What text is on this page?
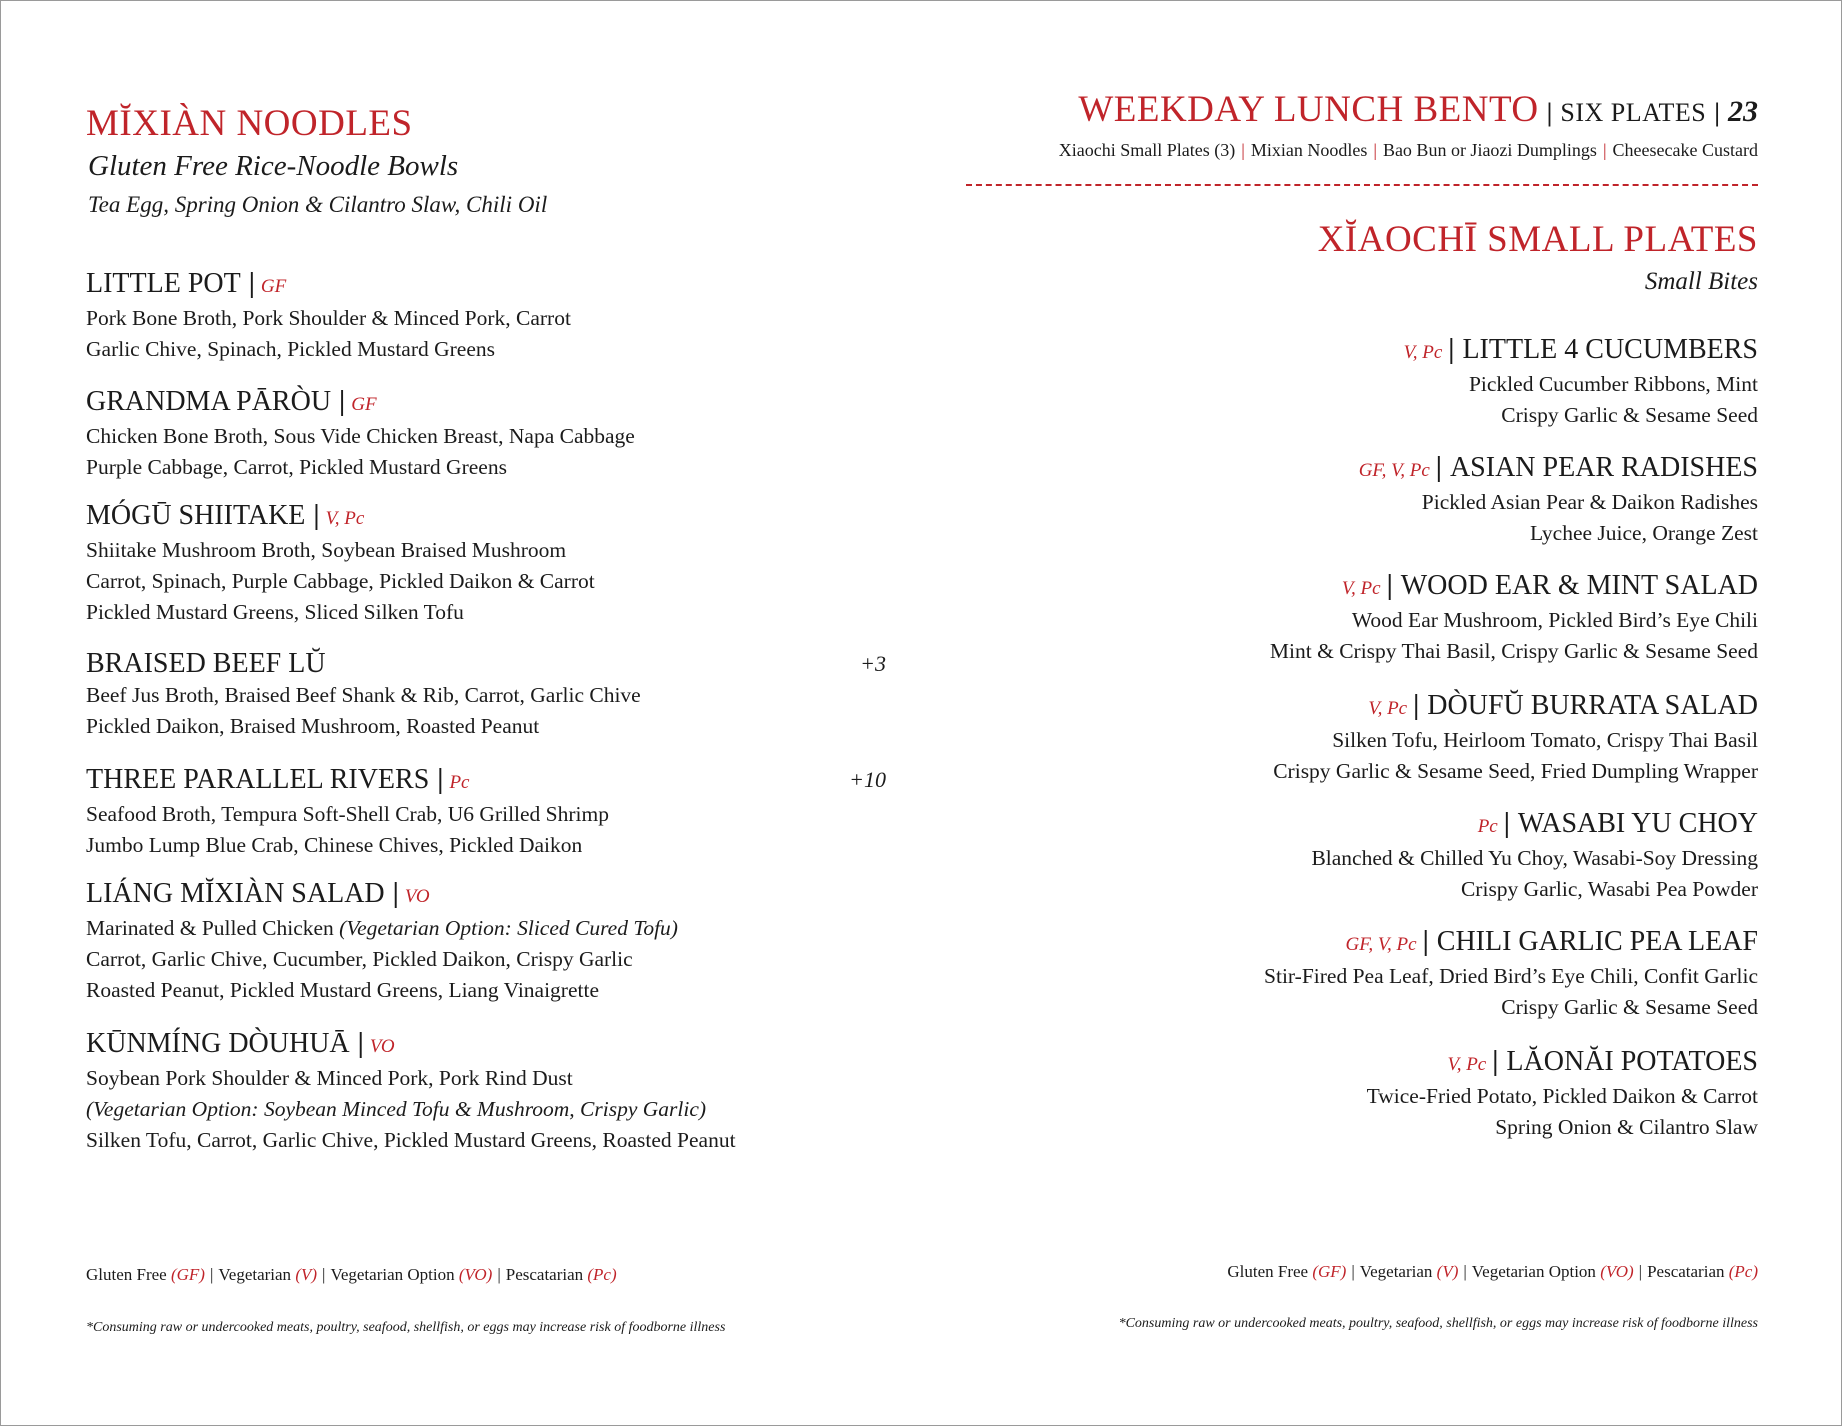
MĬXIÀN NOODLES
Gluten Free Rice-Noodle Bowls
Tea Egg, Spring Onion & Cilantro Slaw, Chili Oil
LITTLE POT | GF
Pork Bone Broth, Pork Shoulder & Minced Pork, Carrot
Garlic Chive, Spinach, Pickled Mustard Greens
GRANDMA PĀRÒU | GF
Chicken Bone Broth, Sous Vide Chicken Breast, Napa Cabbage
Purple Cabbage, Carrot, Pickled Mustard Greens
MÓGŪ SHIITAKE | V, Pc
Shiitake Mushroom Broth, Soybean Braised Mushroom
Carrot, Spinach, Purple Cabbage, Pickled Daikon & Carrot
Pickled Mustard Greens, Sliced Silken Tofu
BRAISED BEEF LŬ	+3
Beef Jus Broth, Braised Beef Shank & Rib, Carrot, Garlic Chive
Pickled Daikon, Braised Mushroom, Roasted Peanut
THREE PARALLEL RIVERS | Pc	+10
Seafood Broth, Tempura Soft-Shell Crab, U6 Grilled Shrimp
Jumbo Lump Blue Crab, Chinese Chives, Pickled Daikon
LIÁNG MĬXIÀN SALAD | VO
Marinated & Pulled Chicken (Vegetarian Option: Sliced Cured Tofu)
Carrot, Garlic Chive, Cucumber, Pickled Daikon, Crispy Garlic
Roasted Peanut, Pickled Mustard Greens, Liang Vinaigrette
KŪNMÍNG DÒUHUĀ | VO
Soybean Pork Shoulder & Minced Pork, Pork Rind Dust
(Vegetarian Option: Soybean Minced Tofu & Mushroom, Crispy Garlic)
Silken Tofu, Carrot, Garlic Chive, Pickled Mustard Greens, Roasted Peanut
Gluten Free (GF) | Vegetarian (V) | Vegetarian Option (VO) | Pescatarian (Pc)
*Consuming raw or undercooked meats, poultry, seafood, shellfish, or eggs may increase risk of foodborne illness
WEEKDAY LUNCH BENTO | SIX PLATES | 23
Xiaochi Small Plates (3) | Mixian Noodles | Bao Bun or Jiaozi Dumplings | Cheesecake Custard
XĬAOCHĪ SMALL PLATES
Small Bites
V, Pc | LITTLE 4 CUCUMBERS
Pickled Cucumber Ribbons, Mint
Crispy Garlic & Sesame Seed
GF, V, Pc | ASIAN PEAR RADISHES
Pickled Asian Pear & Daikon Radishes
Lychee Juice, Orange Zest
V, Pc | WOOD EAR & MINT SALAD
Wood Ear Mushroom, Pickled Bird’s Eye Chili
Mint & Crispy Thai Basil, Crispy Garlic & Sesame Seed
V, Pc | DÒUFŬ BURRATA SALAD
Silken Tofu, Heirloom Tomato, Crispy Thai Basil
Crispy Garlic & Sesame Seed, Fried Dumpling Wrapper
Pc | WASABI YU CHOY
Blanched & Chilled Yu Choy, Wasabi-Soy Dressing
Crispy Garlic, Wasabi Pea Powder
GF, V, Pc | CHILI GARLIC PEA LEAF
Stir-Fired Pea Leaf, Dried Bird’s Eye Chili, Confit Garlic
Crispy Garlic & Sesame Seed
V, Pc | LĂONĂI POTATOES
Twice-Fried Potato, Pickled Daikon & Carrot
Spring Onion & Cilantro Slaw
Gluten Free (GF) | Vegetarian (V) | Vegetarian Option (VO) | Pescatarian (Pc)
*Consuming raw or undercooked meats, poultry, seafood, shellfish, or eggs may increase risk of foodborne illness
